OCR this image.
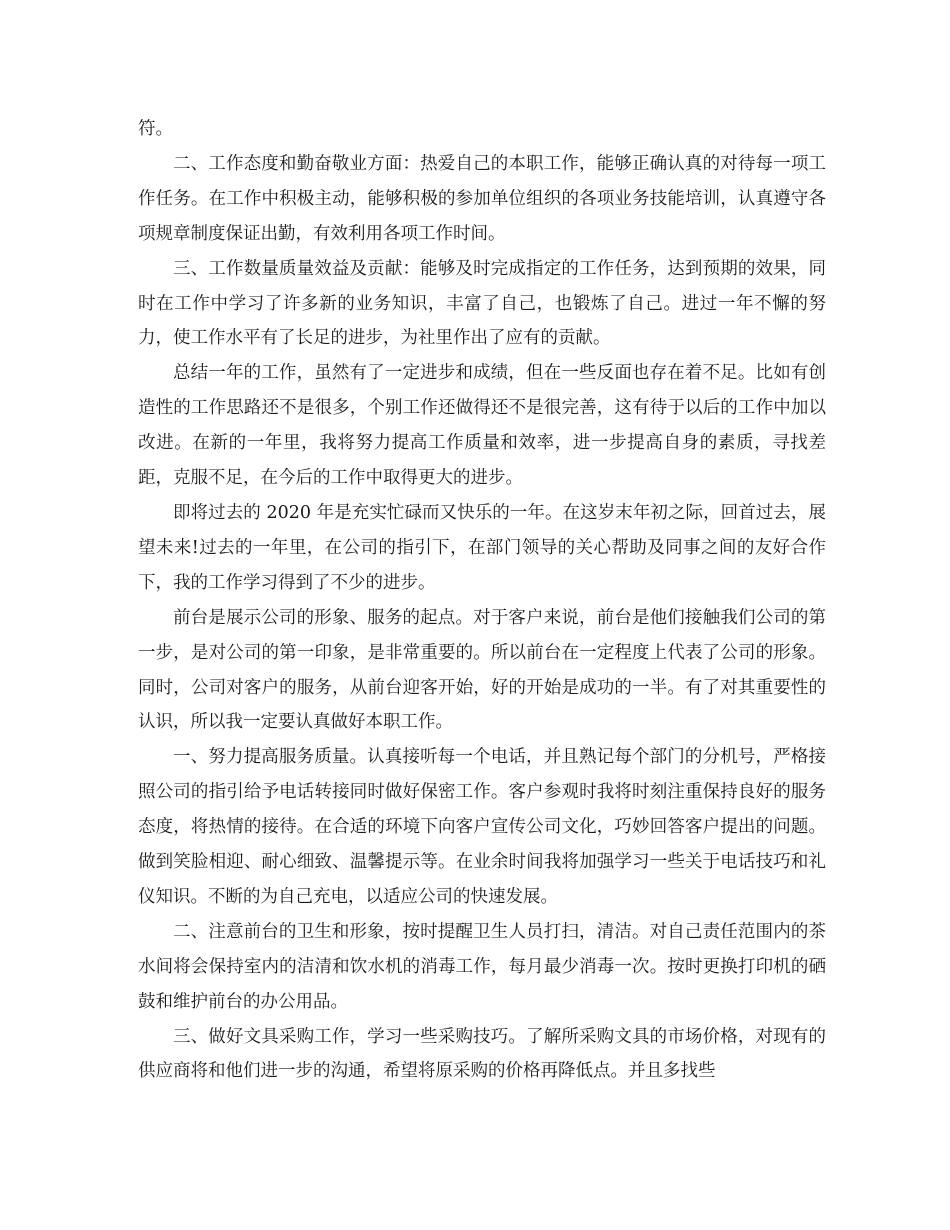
符。

二、工作态度和勤奋敬业方面：热爱自己的本职工作，能够正确认真的对待每一项工作任务。在工作中积极主动，能够积极的参加单位组织的各项业务技能培训，认真遵守各项规章制度保证出勤，有效利用各项工作时间。

三、工作数量质量效益及贡献：能够及时完成指定的工作任务，达到预期的效果，同时在工作中学习了许多新的业务知识，丰富了自己，也锻炼了自己。进过一年不懈的努力，使工作水平有了长足的进步，为社里作出了应有的贡献。

总结一年的工作，虽然有了一定进步和成绩，但在一些反面也存在着不足。比如有创造性的工作思路还不是很多，个别工作还做得还不是很完善，这有待于以后的工作中加以改进。在新的一年里，我将努力提高工作质量和效率，进一步提高自身的素质，寻找差距，克服不足，在今后的工作中取得更大的进步。

即将过去的 2020 年是充实忙碌而又快乐的一年。在这岁末年初之际，回首过去，展望未来!过去的一年里，在公司的指引下，在部门领导的关心帮助及同事之间的友好合作下，我的工作学习得到了不少的进步。

前台是展示公司的形象、服务的起点。对于客户来说，前台是他们接触我们公司的第一步，是对公司的第一印象，是非常重要的。所以前台在一定程度上代表了公司的形象。同时，公司对客户的服务，从前台迎客开始，好的开始是成功的一半。有了对其重要性的认识，所以我一定要认真做好本职工作。

一、努力提高服务质量。认真接听每一个电话，并且熟记每个部门的分机号，严格接照公司的指引给予电话转接同时做好保密工作。客户参观时我将时刻注重保持良好的服务态度，将热情的接待。在合适的环境下向客户宣传公司文化，巧妙回答客户提出的问题。做到笑脸相迎、耐心细致、温馨提示等。在业余时间我将加强学习一些关于电话技巧和礼仪知识。不断的为自己充电，以适应公司的快速发展。

二、注意前台的卫生和形象，按时提醒卫生人员打扫，清洁。对自己责任范围内的茶水间将会保持室内的洁清和饮水机的消毒工作，每月最少消毒一次。按时更换打印机的硒鼓和维护前台的办公用品。

三、做好文具采购工作，学习一些采购技巧。了解所采购文具的市场价格，对现有的供应商将和他们进一步的沟通，希望将原采购的价格再降低点。并且多找些
